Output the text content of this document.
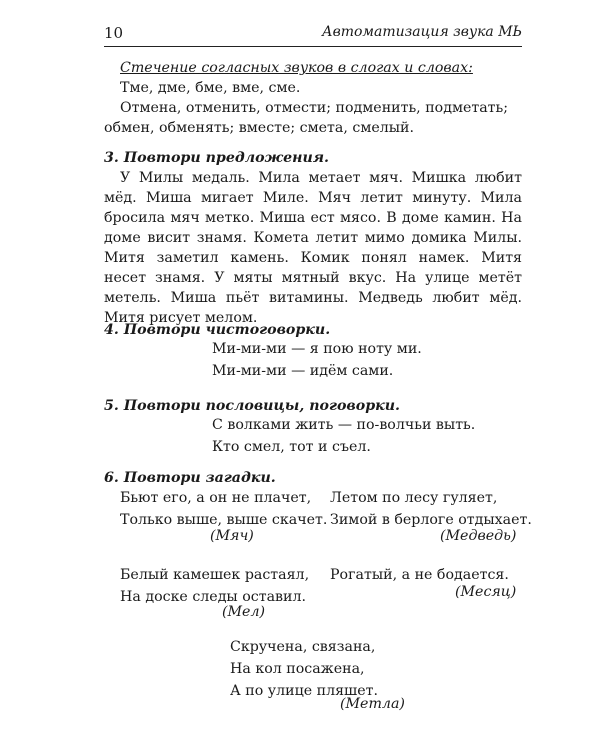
10	Автоматизация звука МЬ
Стечение согласных звуков в слогах и словах:
Тме, дме, бме, вме, сме.
Отмена, отменить, отмести; подменить, подметать; обмен, обменять; вместе; смета, смелый.
3. Повтори предложения.
У Милы медаль. Мила метает мяч. Мишка любит мёд. Миша мигает Миле. Мяч летит минуту. Мила бросила мяч метко. Миша ест мясо. В доме камин. На доме висит знамя. Комета летит мимо домика Милы. Митя заметил камень. Комик понял намек. Митя несет знамя. У мяты мятный вкус. На улице метёт метель. Миша пьёт витамины. Медведь любит мёд. Митя рисует мелом.
4. Повтори чистоговорки.
Ми-ми-ми — я пою ноту ми.
Ми-ми-ми — идём сами.
5. Повтори пословицы, поговорки.
С волками жить — по-волчьи выть.
Кто смел, тот и съел.
6. Повтори загадки.
Бьют его, а он не плачет,
Только выше, выше скачет.
(Мяч)
Летом по лесу гуляет,
Зимой в берлоге отдыхает.
(Медведь)
Белый камешек растаял,
На доске следы оставил.
(Мел)
Рогатый, а не бодается.
(Месяц)
Скручена, связана,
На кол посажена,
А по улице пляшет.
(Метла)
